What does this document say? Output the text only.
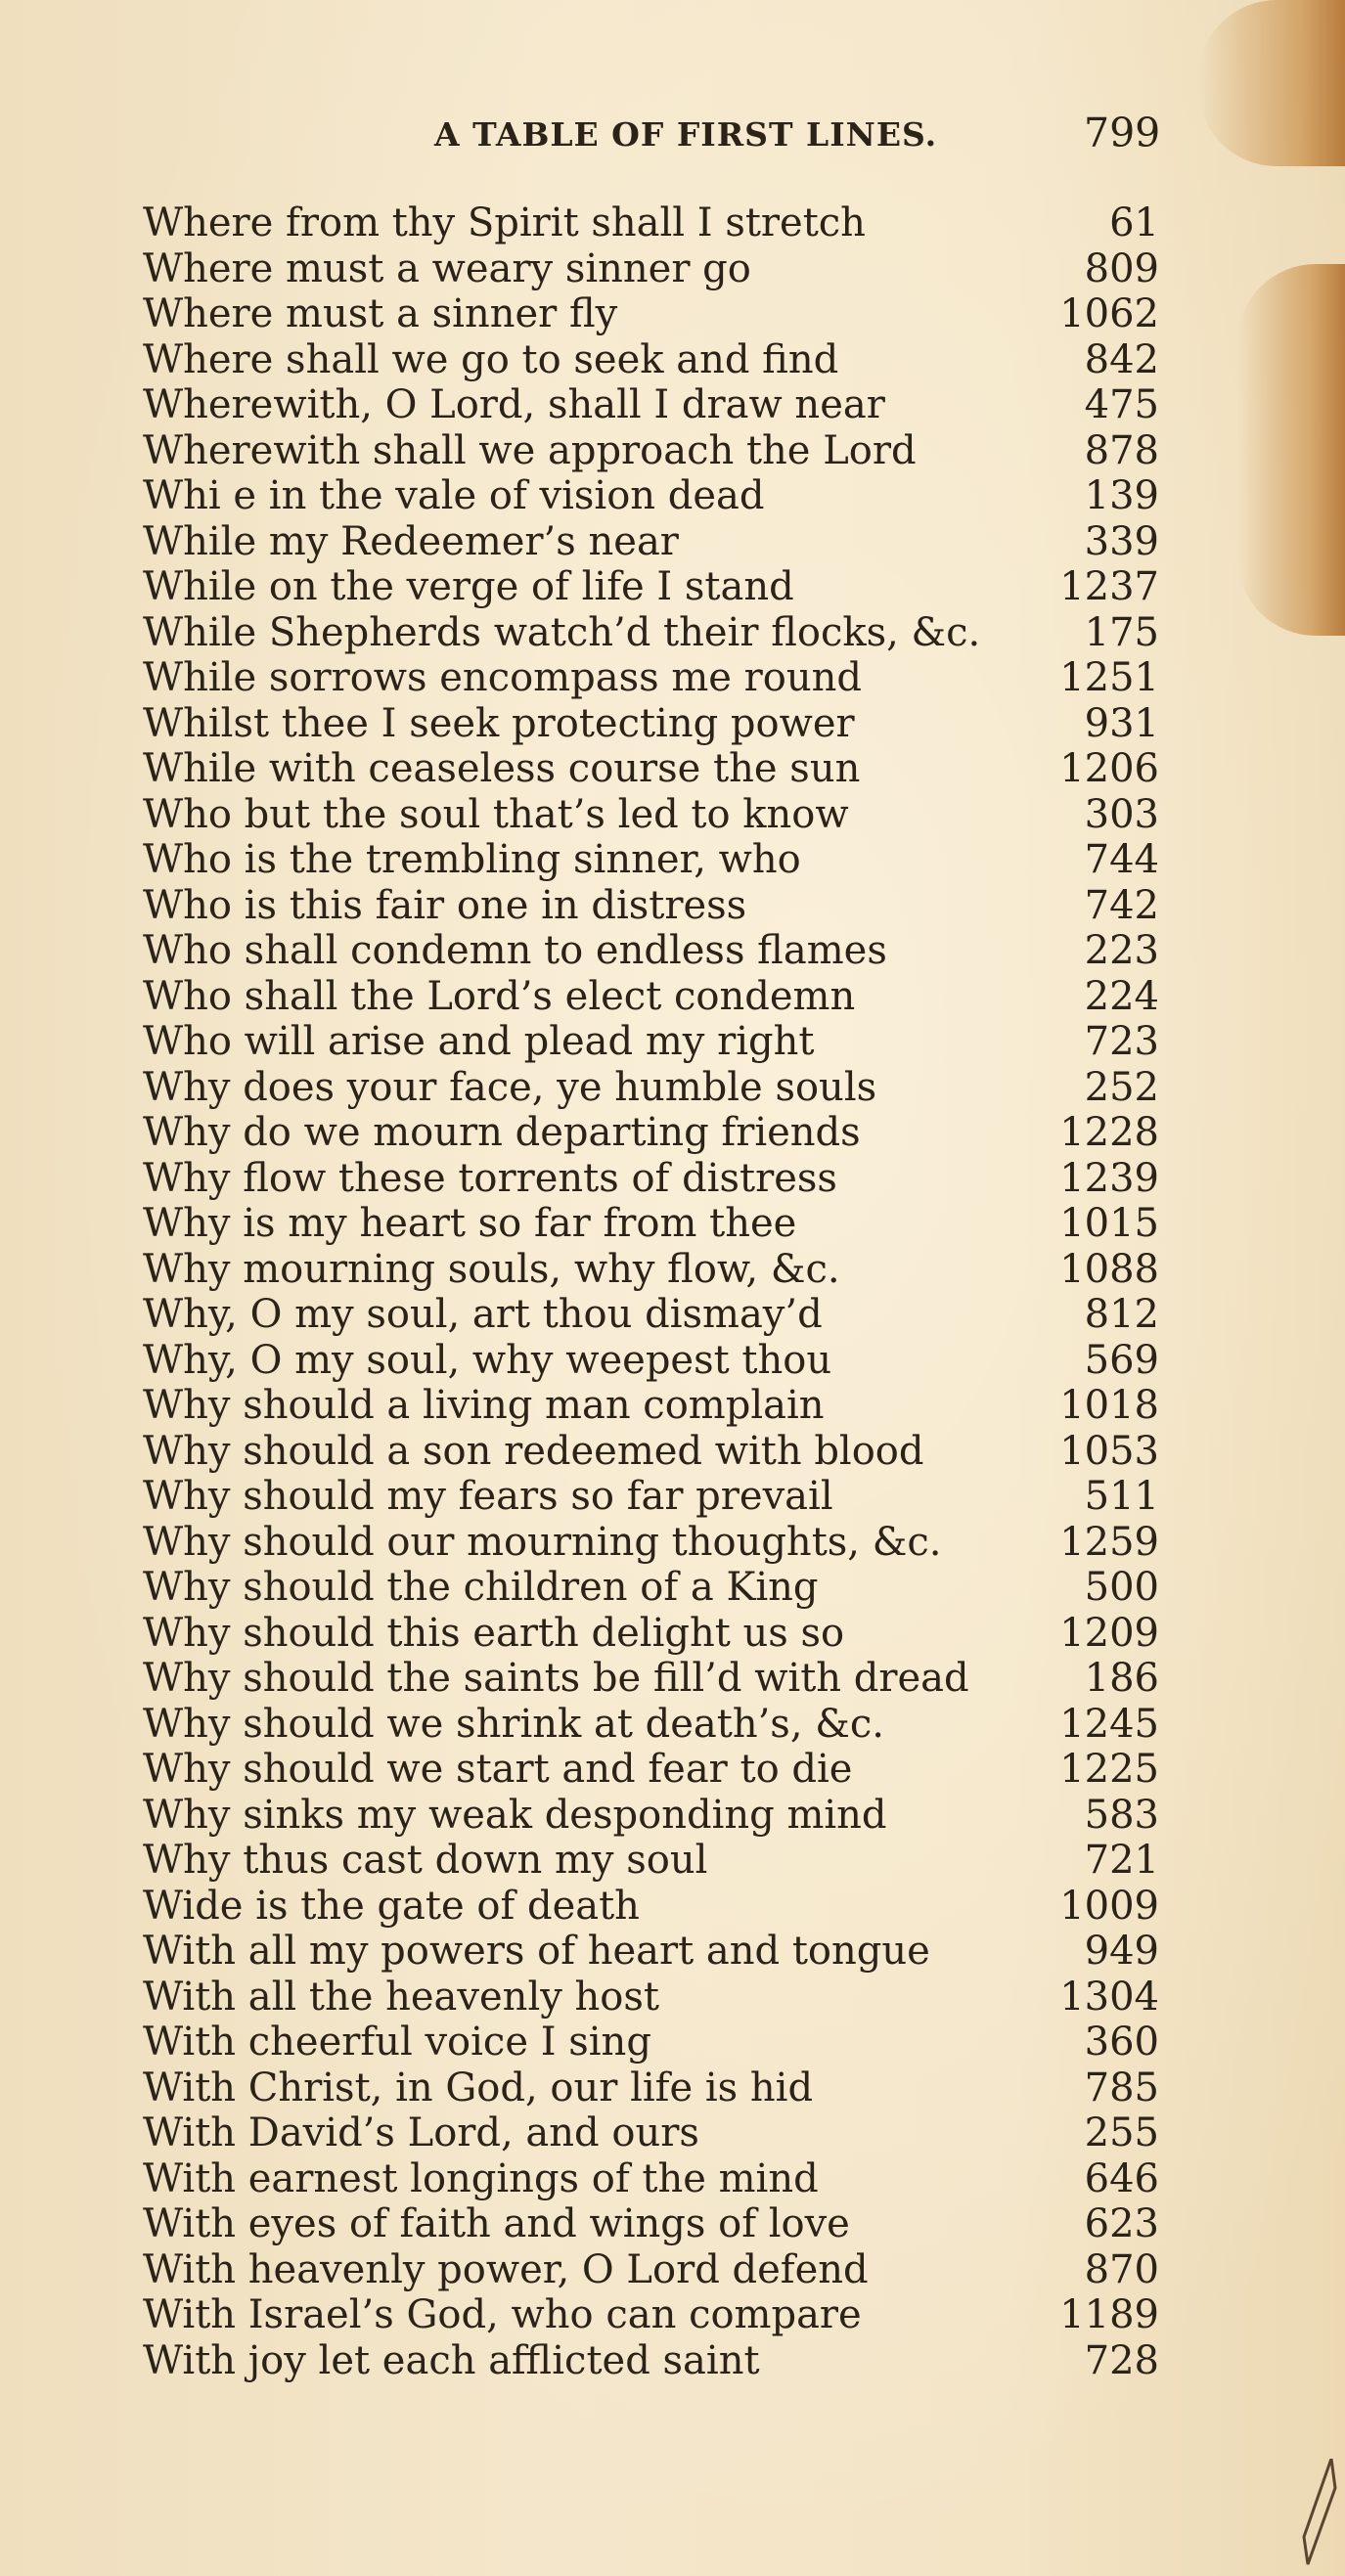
A TABLE OF FIRST LINES.	799
Where from thy Spirit shall I stretch	61
Where must a weary sinner go	809
Where must a sinner fly	1062
Where shall we go to seek and find	842
Wherewith, O Lord, shall I draw near	475
Wherewith shall we approach the Lord	878
Whi e in the vale of vision dead	139
While my Redeemer’s near	339
While on the verge of life I stand	1237
While Shepherds watch’d their flocks, &c.	175
While sorrows encompass me round	1251
Whilst thee I seek protecting power	931
While with ceaseless course the sun	1206
Who but the soul that’s led to know	303
Who is the trembling sinner, who	744
Who is this fair one in distress	742
Who shall condemn to endless flames	223
Who shall the Lord’s elect condemn	224
Who will arise and plead my right	723
Why does your face, ye humble souls	252
Why do we mourn departing friends	1228
Why flow these torrents of distress	1239
Why is my heart so far from thee	1015
Why mourning souls, why flow, &c.	1088
Why, O my soul, art thou dismay’d	812
Why, O my soul, why weepest thou	569
Why should a living man complain	1018
Why should a son redeemed with blood	1053
Why should my fears so far prevail	511
Why should our mourning thoughts, &c.	1259
Why should the children of a King	500
Why should this earth delight us so	1209
Why should the saints be fill’d with dread	186
Why should we shrink at death’s, &c.	1245
Why should we start and fear to die	1225
Why sinks my weak desponding mind	583
Why thus cast down my soul	721
Wide is the gate of death	1009
With all my powers of heart and tongue	949
With all the heavenly host	1304
With cheerful voice I sing	360
With Christ, in God, our life is hid	785
With David’s Lord, and ours	255
With earnest longings of the mind	646
With eyes of faith and wings of love	623
With heavenly power, O Lord defend	870
With Israel’s God, who can compare	1189
With joy let each afflicted saint	728
